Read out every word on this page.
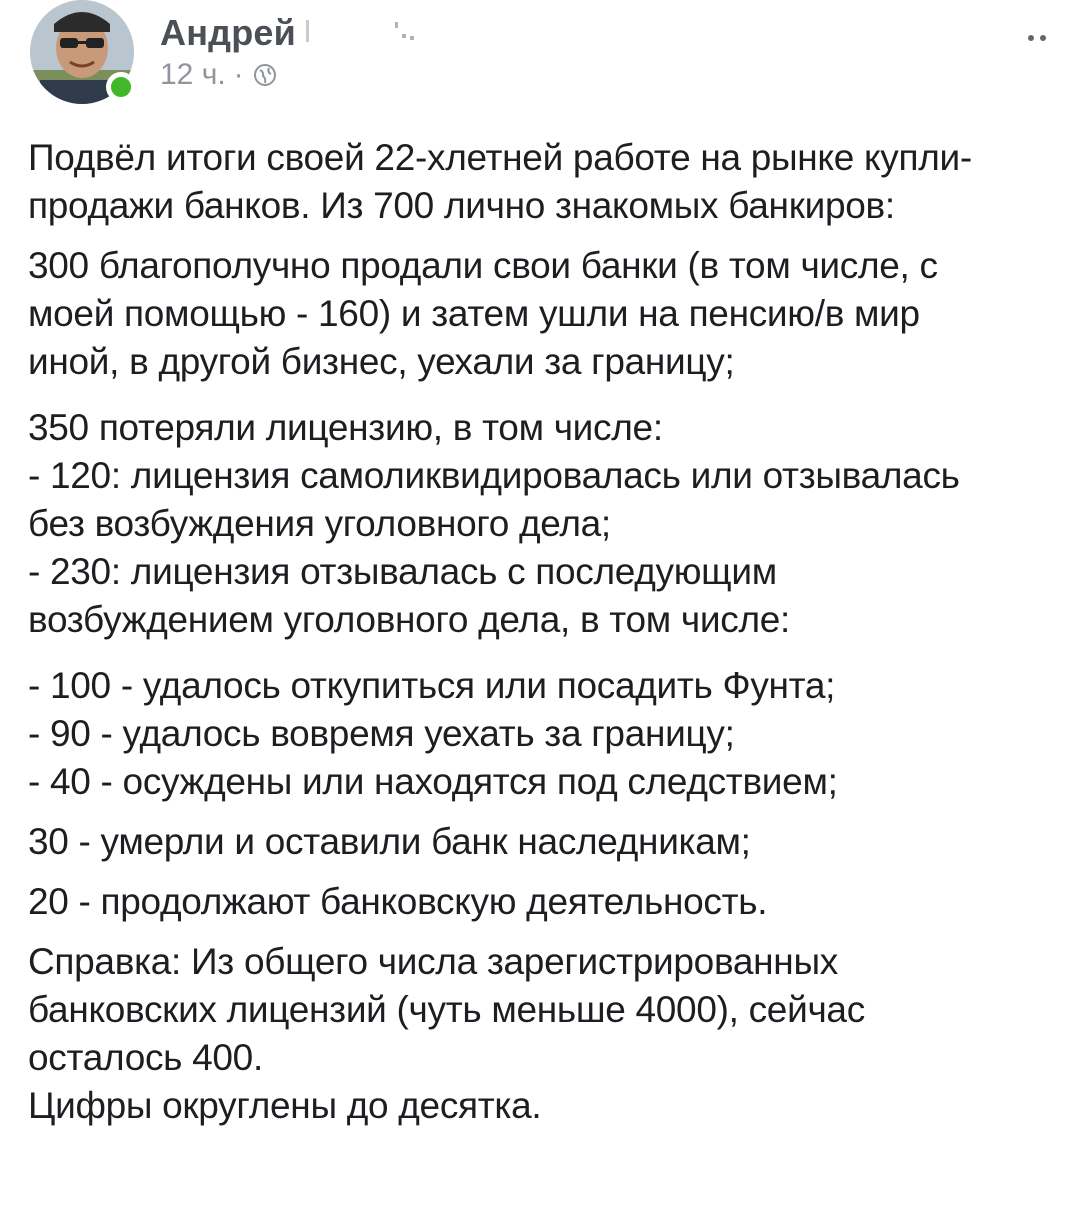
Андрей
12 ч. ·

Подвёл итоги своей 22-хлетней работе на рынке купли-

продажи банков. Из 700 лично знакомых банкиров:

300 благополучно продали свои банки (в том числе, с

моей помощью - 160) и затем ушли на пенсию/в мир

иной, в другой бизнес, уехали за границу;

350 потеряли лицензию, в том числе:

- 120: лицензия самоликвидировалась или отзывалась

без возбуждения уголовного дела;

- 230: лицензия отзывалась с последующим

возбуждением уголовного дела, в том числе:

- 100 - удалось откупиться или посадить Фунта;

- 90 - удалось вовремя уехать за границу;

- 40 - осуждены или находятся под следствием;

30 - умерли и оставили банк наследникам;

20 - продолжают банковскую деятельность.

Справка: Из общего числа зарегистрированных

банковских лицензий (чуть меньше 4000), сейчас

осталось 400.

Цифры округлены до десятка.
